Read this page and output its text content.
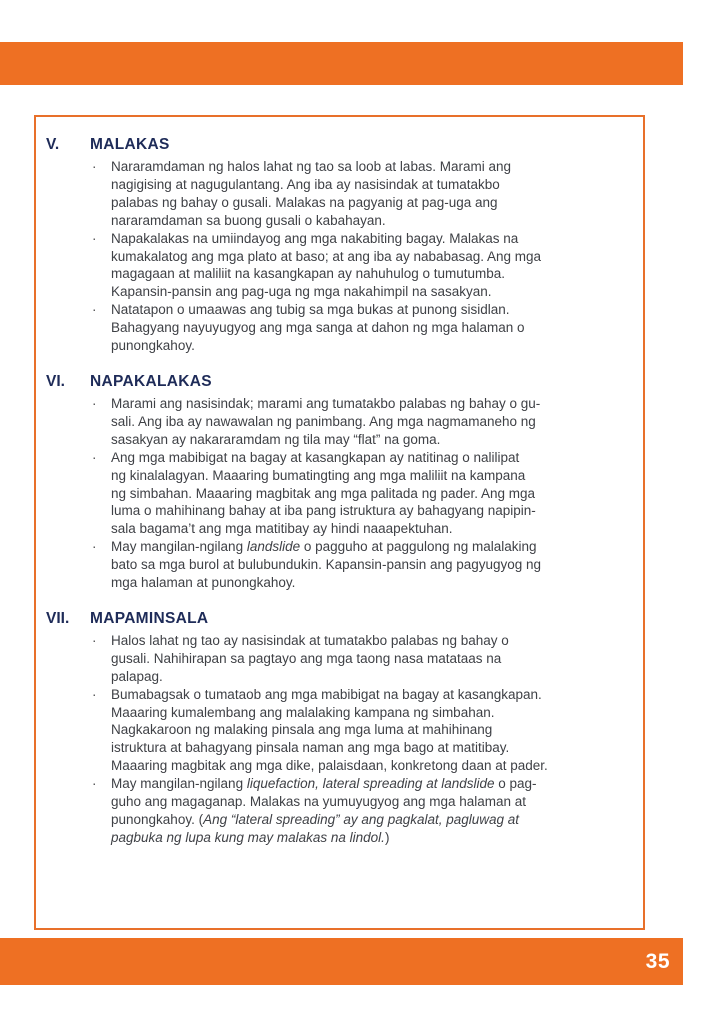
V.	MALAKAS
·	Nararamdaman ng halos lahat ng tao sa loob at labas. Marami ang
nagigising at nagugulantang. Ang iba ay nasisindak at tumatakbo
palabas ng bahay o gusali. Malakas na pagyanig at pag-uga ang
nararamdaman sa buong gusali o kabahayan.
·	Napakalakas na umiindayog ang mga nakabiting bagay. Malakas na
kumakalatog ang mga plato at baso; at ang iba ay nababasag. Ang mga
magagaan at maliliit na kasangkapan ay nahuhulog o tumutumba.
Kapansin-pansin ang pag-uga ng mga nakahimpil na sasakyan.
·	Natatapon o umaawas ang tubig sa mga bukas at punong sisidlan.
Bahagyang nayuyugyog ang mga sanga at dahon ng mga halaman o
punongkahoy.
VI.	NAPAKALAKAS
·	Marami ang nasisindak; marami ang tumatakbo palabas ng bahay o gu-
sali. Ang iba ay nawawalan ng panimbang. Ang mga nagmamaneho ng
sasakyan ay nakararamdam ng tila may “flat” na goma.
·	Ang mga mabibigat na bagay at kasangkapan ay natitinag o nalilipat
ng kinalalagyan. Maaaring bumatingting ang mga maliliit na kampana
ng simbahan. Maaaring magbitak ang mga palitada ng pader. Ang mga
luma o mahihinang bahay at iba pang istruktura ay bahagyang napipin-
sala bagama’t ang mga matitibay ay hindi naaapektuhan.
·	May mangilan-ngilang landslide o pagguho at paggulong ng malalaking
bato sa mga burol at bulubundukin. Kapansin-pansin ang pagyugyog ng
mga halaman at punongkahoy.
VII.	MAPAMINSALA
·	Halos lahat ng tao ay nasisindak at tumatakbo palabas ng bahay o
gusali. Nahihirapan sa pagtayo ang mga taong nasa matataas na
palapag.
·	Bumabagsak o tumataob ang mga mabibigat na bagay at kasangkapan.
Maaaring kumalembang ang malalaking kampana ng simbahan.
Nagkakaroon ng malaking pinsala ang mga luma at mahihinang
istruktura at bahagyang pinsala naman ang mga bago at matitibay.
Maaaring magbitak ang mga dike, palaisdaan, konkretong daan at pader.
·	May mangilan-ngilang liquefaction, lateral spreading at landslide o pag-
guho ang magaganap. Malakas na yumuyugyog ang mga halaman at
punongkahoy. (Ang “lateral spreading” ay ang pagkalat, pagluwag at
pagbuka ng lupa kung may malakas na lindol.)
35
